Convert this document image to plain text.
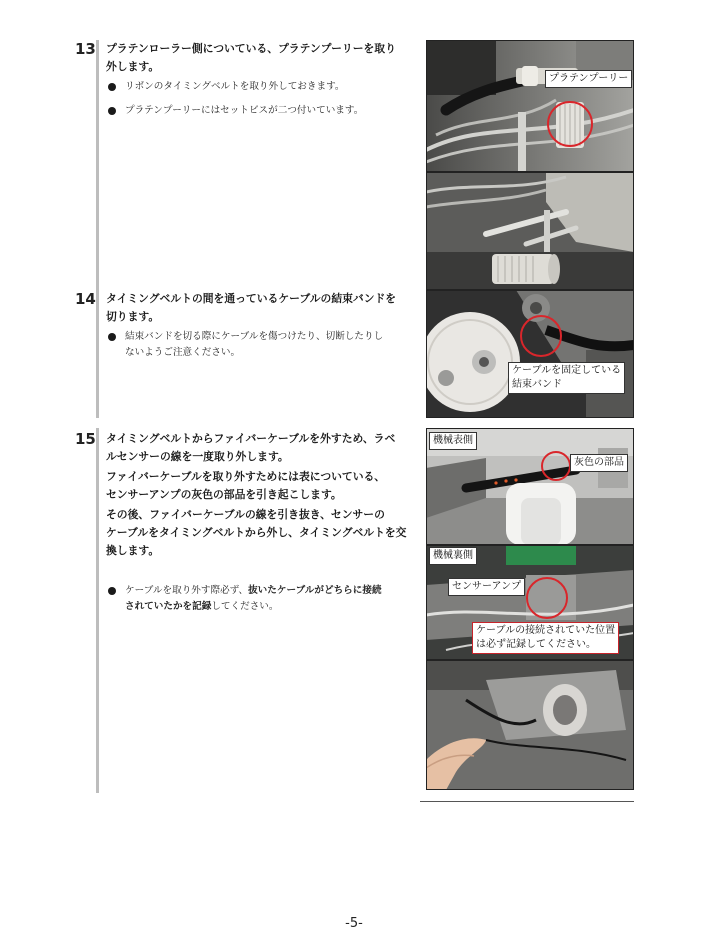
13 プラテンローラー側についている、プラテンプーリーを取り
外します。
リボンのタイミングベルトを取り外しておきます。
プラテンプーリーにはセットビスが二つ付いています。
14 タイミングベルトの間を通っているケーブルの結束バンドを
切ります。
結束バンドを切る際にケーブルを傷つけたり、切断したりし
ないようご注意ください。
15 タイミングベルトからファイバーケーブルを外すため、ラベ
ルセンサーの線を一度取り外します。
ファイバーケーブルを取り外すためには表についている、
センサーアンプの灰色の部品を引き起こします。
その後、ファイバーケーブルの線を引き抜き、センサーの
ケーブルをタイミングベルトから外し、タイミングベルトを交
換します。
ケーブルを取り外す際必ず、抜いたケーブルがどちらに接続
されていたかを記録してください。
プラテンプーリー
ケーブルを固定している
結束バンド
機械表側
灰色の部品
機械裏側
センサーアンプ
ケーブルの接続されていた位置
は必ず記録してください。
-5-
